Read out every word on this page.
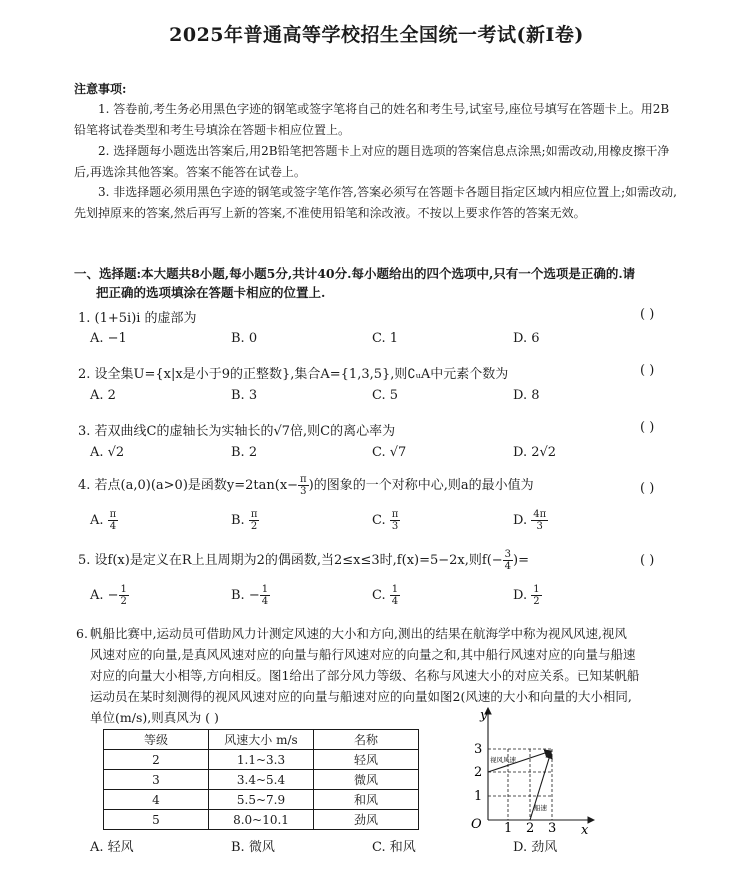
2025年普通高等学校招生全国统一考试(新Ⅰ卷)
注意事项:
1. 答卷前,考生务必用黑色字迹的钢笔或签字笔将自己的姓名和考生号,试室号,座位号填写在答题卡上。用2B铅笔将试卷类型和考生号填涂在答题卡相应位置上。
2. 选择题每小题选出答案后,用2B铅笔把答题卡上对应的题目选项的答案信息点涂黑;如需改动,用橡皮擦干净后,再选涂其他答案。答案不能答在试卷上。
3. 非选择题必须用黑色字迹的钢笔或签字笔作答,答案必须写在答题卡各题目指定区域内相应位置上;如需改动,先划掉原来的答案,然后再写上新的答案,不准使用铅笔和涂改液。不按以上要求作答的答案无效。
一、选择题:本大题共8小题,每小题5分,共计40分.每小题给出的四个选项中,只有一个选项是正确的.请
把正确的选项填涂在答题卡相应的位置上.
1. (1+5i)i 的虚部为	( )
A. −1	B. 0	C. 1	D. 6
2. 设全集U={x|x是小于9的正整数},集合A={1,3,5},则∁ᵤA中元素个数为	( )
A. 2	B. 3	C. 5	D. 8
3. 若双曲线C的虚轴长为实轴长的√7倍,则C的离心率为	( )
A. √2	B. 2	C. √7	D. 2√2
4. 若点(a,0)(a>0)是函数$y=2\tan(x- \frac{\pi}{3}$ )的图象的一个对称中心,则a的最小值为	( )
A. $\frac{\pi}{4}$	B. $\frac{\pi}{2}$	C. $\frac{\pi}{3}$	D. $\frac{4\pi}{3}$
5. 设f(x)是定义在R上且周期为2的偶函数,当2≤x≤3时,f(x)=5−2x,则$f(- \frac{3}{4}$ )=	( )
A. − $\frac{1}{2}$	B. − $\frac{1}{4}$	C. $\frac{1}{4}$	D. $\frac{1}{2}$
6. 帆船比赛中,运动员可借助风力计测定风速的大小和方向,测出的结果在航海学中称为视风风速,视风
风速对应的向量,是真风风速对应的向量与船行风速对应的向量之和,其中船行风速对应的向量与船速
对应的向量大小相等,方向相反。图1给出了部分风力等级、名称与风速大小的对应关系。已知某帆船
运动员在某时刻测得的视风风速对应的向量与船速对应的向量如图2(风速的大小和向量的大小相同,
单位(m/s),则真风为 ( )
等级	风速大小 m/s	名称
2	1.1~3.3	轻风
3	3.4~5.4	微风
4	5.5~7.9	和风
5	8.0~10.1	劲风
y
x
O
1
2
3
1 2 3
视风风速
船速
A. 轻风	B. 微风	C. 和风	D. 劲风
